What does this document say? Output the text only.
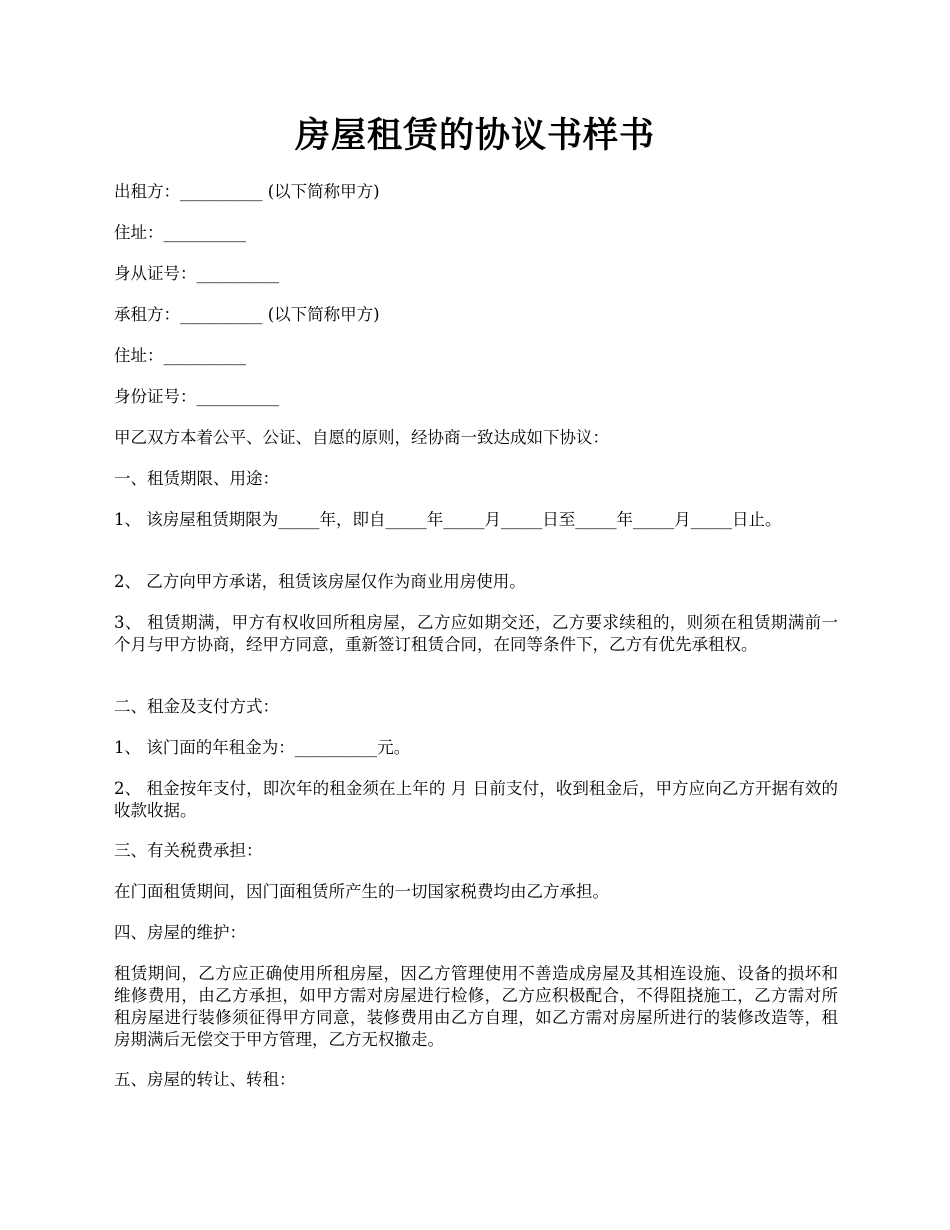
房屋租赁的协议书样书
出租方：__________ (以下简称甲方)
住址：__________
身从证号：__________
承租方：__________ (以下简称甲方)
住址：__________
身份证号：__________
甲乙双方本着公平、公证、自愿的原则，经协商一致达成如下协议：
一、租赁期限、用途：
1、 该房屋租赁期限为_____年，即自_____年_____月_____日至_____年_____月_____日止。
2、 乙方向甲方承诺，租赁该房屋仅作为商业用房使用。
3、 租赁期满，甲方有权收回所租房屋，乙方应如期交还，乙方要求续租的，则须在租赁期满前一个月与甲方协商，经甲方同意，重新签订租赁合同，在同等条件下，乙方有优先承租权。
二、租金及支付方式：
1、 该门面的年租金为：__________元。
2、 租金按年支付，即次年的租金须在上年的 月 日前支付，收到租金后，甲方应向乙方开据有效的收款收据。
三、有关税费承担：
在门面租赁期间，因门面租赁所产生的一切国家税费均由乙方承担。
四、房屋的维护：
租赁期间，乙方应正确使用所租房屋，因乙方管理使用不善造成房屋及其相连设施、设备的损坏和维修费用，由乙方承担，如甲方需对房屋进行检修，乙方应积极配合，不得阻挠施工，乙方需对所租房屋进行装修须征得甲方同意，装修费用由乙方自理，如乙方需对房屋所进行的装修改造等，租房期满后无偿交于甲方管理，乙方无权撤走。
五、房屋的转让、转租：
